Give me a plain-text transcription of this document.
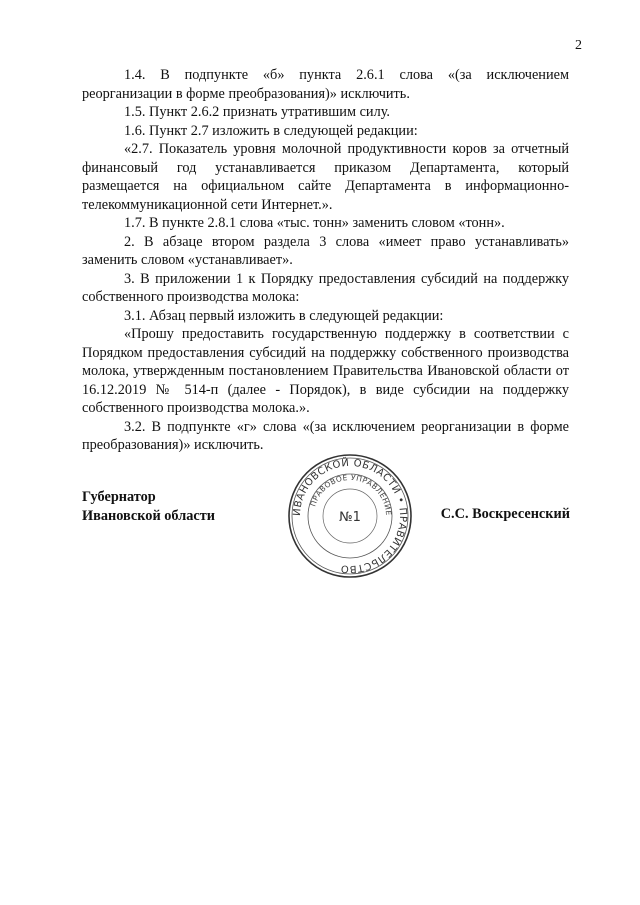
2

1.4. В подпункте «б» пункта 2.6.1 слова «(за исключением реорганизации в форме преобразования)» исключить.

1.5. Пункт 2.6.2 признать утратившим силу.

1.6. Пункт 2.7 изложить в следующей редакции:

«2.7. Показатель уровня молочной продуктивности коров за отчетный финансовый год устанавливается приказом Департамента, который размещается на официальном сайте Департамента в информационно-телекоммуникационной сети Интернет.».

1.7. В пункте 2.8.1 слова «тыс. тонн» заменить словом «тонн».

2. В абзаце втором раздела 3 слова «имеет право устанавливать» заменить словом «устанавливает».

3. В приложении 1 к Порядку предоставления субсидий на поддержку собственного производства молока:

3.1. Абзац первый изложить в следующей редакции:

«Прошу предоставить государственную поддержку в соответствии с Порядком предоставления субсидий на поддержку собственного производства молока, утвержденным постановлением Правительства Ивановской области от 16.12.2019 № 514-п (далее - Порядок), в виде субсидии на поддержку собственного производства молока.».

3.2. В подпункте «г» слова «(за исключением реорганизации в форме преобразования)» исключить.

Губернатор
Ивановской области	ИВАНОВСКОЙ ОБЛАСТИ • ПРАВИТЕЛЬСТВО
ПРАВОВОЕ УПРАВЛЕНИЕ
№1	С.С. Воскресенский
